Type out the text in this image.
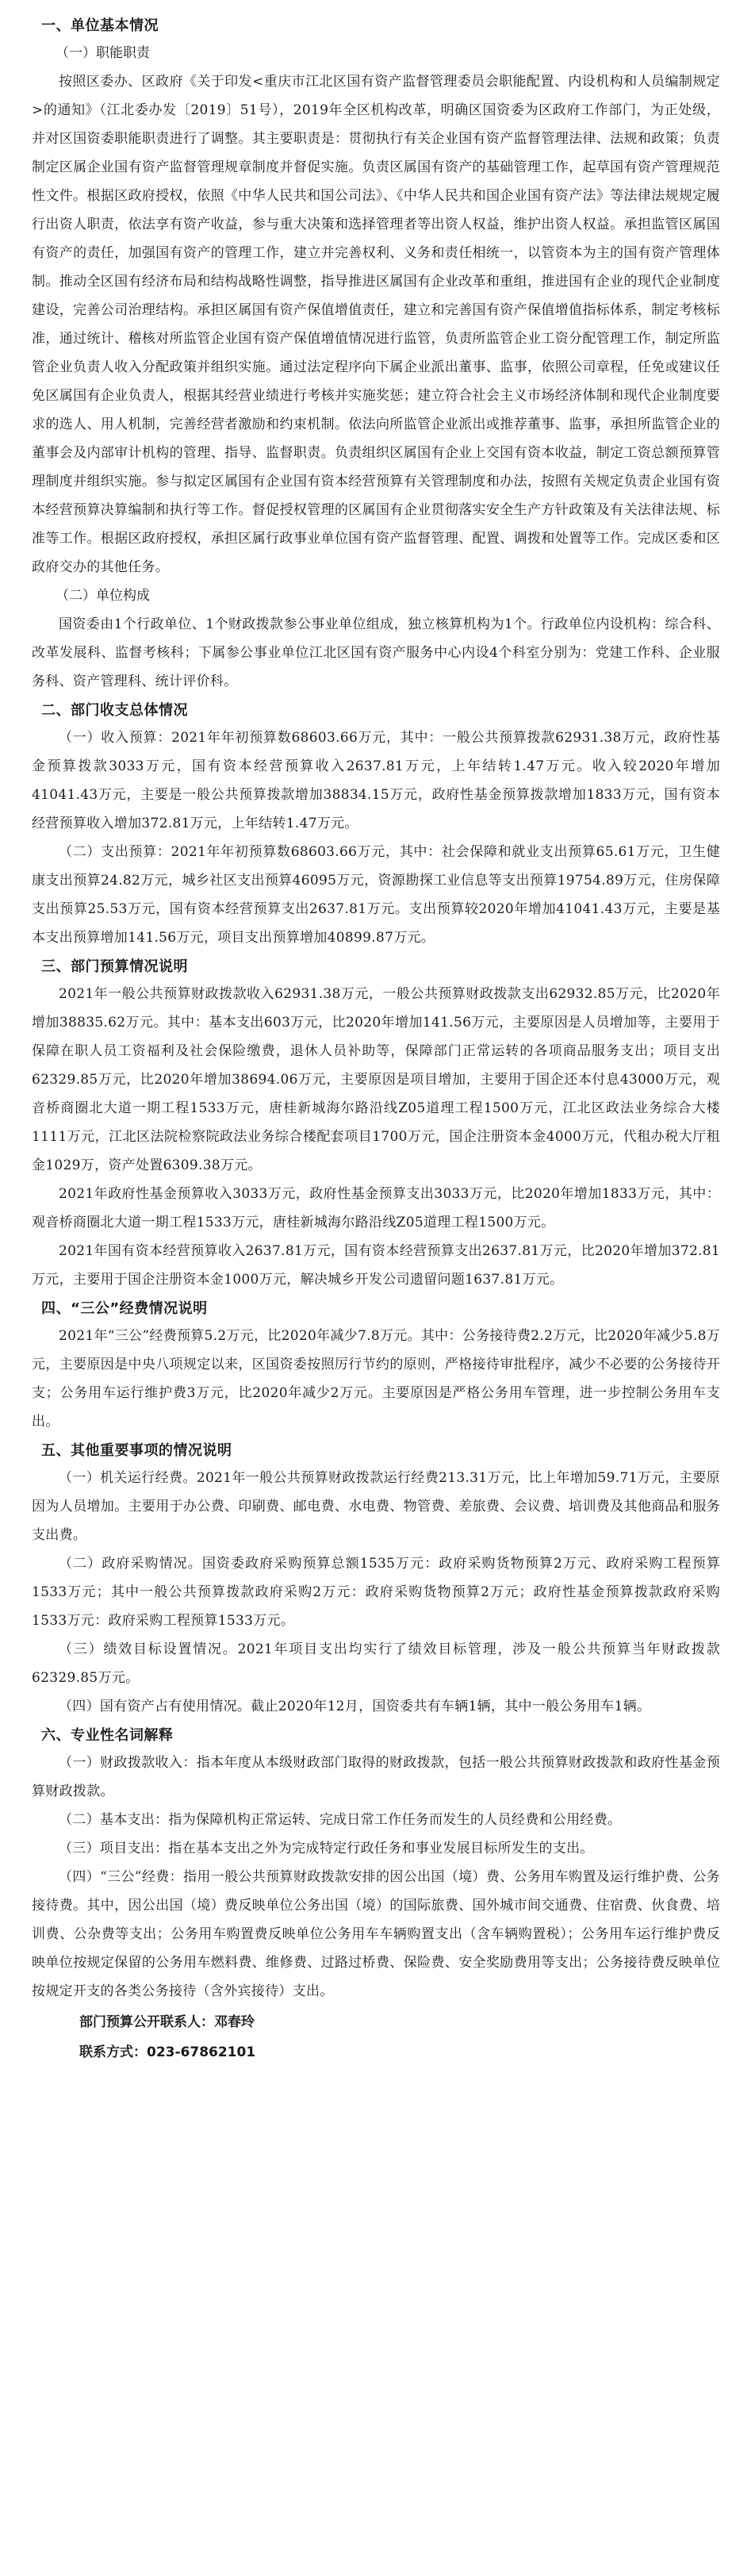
一、单位基本情况
（一）职能职责
按照区委办、区政府《关于印发<重庆市江北区国有资产监督管理委员会职能配置、内设机构和人员编制规定>的通知》（江北委办发〔2019〕51号），2019年全区机构改革，明确区国资委为区政府工作部门，为正处级，并对区国资委职能职责进行了调整。其主要职责是：贯彻执行有关企业国有资产监督管理法律、法规和政策；负责制定区属企业国有资产监督管理规章制度并督促实施。负责区属国有资产的基础管理工作，起草国有资产管理规范性文件。根据区政府授权，依照《中华人民共和国公司法》、《中华人民共和国企业国有资产法》等法律法规规定履行出资人职责，依法享有资产收益，参与重大决策和选择管理者等出资人权益，维护出资人权益。承担监管区属国有资产的责任，加强国有资产的管理工作，建立并完善权利、义务和责任相统一，以管资本为主的国有资产管理体制。推动全区国有经济布局和结构战略性调整，指导推进区属国有企业改革和重组，推进国有企业的现代企业制度建设，完善公司治理结构。承担区属国有资产保值增值责任，建立和完善国有资产保值增值指标体系，制定考核标准，通过统计、稽核对所监管企业国有资产保值增值情况进行监管，负责所监管企业工资分配管理工作，制定所监管企业负责人收入分配政策并组织实施。通过法定程序向下属企业派出董事、监事，依照公司章程，任免或建议任免区属国有企业负责人，根据其经营业绩进行考核并实施奖惩；建立符合社会主义市场经济体制和现代企业制度要求的选人、用人机制，完善经营者激励和约束机制。依法向所监管企业派出或推荐董事、监事，承担所监管企业的董事会及内部审计机构的管理、指导、监督职责。负责组织区属国有企业上交国有资本收益，制定工资总额预算管理制度并组织实施。参与拟定区属国有企业国有资本经营预算有关管理制度和办法，按照有关规定负责企业国有资本经营预算决算编制和执行等工作。督促授权管理的区属国有企业贯彻落实安全生产方针政策及有关法律法规、标准等工作。根据区政府授权，承担区属行政事业单位国有资产监督管理、配置、调拨和处置等工作。完成区委和区政府交办的其他任务。
（二）单位构成
国资委由1个行政单位、1个财政拨款参公事业单位组成，独立核算机构为1个。行政单位内设机构：综合科、改革发展科、监督考核科；下属参公事业单位江北区国有资产服务中心内设4个科室分别为：党建工作科、企业服务科、资产管理科、统计评价科。
二、部门收支总体情况
（一）收入预算：2021年年初预算数68603.66万元，其中：一般公共预算拨款62931.38万元，政府性基金预算拨款3033万元，国有资本经营预算收入2637.81万元，上年结转1.47万元。收入较2020年增加41041.43万元，主要是一般公共预算拨款增加38834.15万元，政府性基金预算拨款增加1833万元，国有资本经营预算收入增加372.81万元，上年结转1.47万元。
（二）支出预算：2021年年初预算数68603.66万元，其中：社会保障和就业支出预算65.61万元，卫生健康支出预算24.82万元，城乡社区支出预算46095万元，资源勘探工业信息等支出预算19754.89万元，住房保障支出预算25.53万元，国有资本经营预算支出2637.81万元。支出预算较2020年增加41041.43万元，主要是基本支出预算增加141.56万元，项目支出预算增加40899.87万元。
三、部门预算情况说明
2021年一般公共预算财政拨款收入62931.38万元，一般公共预算财政拨款支出62932.85万元，比2020年增加38835.62万元。其中：基本支出603万元，比2020年增加141.56万元，主要原因是人员增加等，主要用于保障在职人员工资福利及社会保险缴费，退休人员补助等，保障部门正常运转的各项商品服务支出；项目支出62329.85万元，比2020年增加38694.06万元，主要原因是项目增加，主要用于国企还本付息43000万元，观音桥商圈北大道一期工程1533万元，唐桂新城海尔路沿线Z05道理工程1500万元，江北区政法业务综合大楼1111万元，江北区法院检察院政法业务综合楼配套项目1700万元，国企注册资本金4000万元，代租办税大厅租金1029万，资产处置6309.38万元。
2021年政府性基金预算收入3033万元，政府性基金预算支出3033万元，比2020年增加1833万元，其中：观音桥商圈北大道一期工程1533万元，唐桂新城海尔路沿线Z05道理工程1500万元。
2021年国有资本经营预算收入2637.81万元，国有资本经营预算支出2637.81万元，比2020年增加372.81万元，主要用于国企注册资本金1000万元，解决城乡开发公司遗留问题1637.81万元。
四、“三公”经费情况说明
2021年“三公”经费预算5.2万元，比2020年减少7.8万元。其中：公务接待费2.2万元，比2020年减少5.8万元，主要原因是中央八项规定以来，区国资委按照厉行节约的原则，严格接待审批程序，减少不必要的公务接待开支；公务用车运行维护费3万元，比2020年减少2万元。主要原因是严格公务用车管理，进一步控制公务用车支出。
五、其他重要事项的情况说明
（一）机关运行经费。2021年一般公共预算财政拨款运行经费213.31万元，比上年增加59.71万元，主要原因为人员增加。主要用于办公费、印刷费、邮电费、水电费、物管费、差旅费、会议费、培训费及其他商品和服务支出费。
（二）政府采购情况。国资委政府采购预算总额1535万元：政府采购货物预算2万元、政府采购工程预算1533万元；其中一般公共预算拨款政府采购2万元：政府采购货物预算2万元；政府性基金预算拨款政府采购1533万元：政府采购工程预算1533万元。
（三）绩效目标设置情况。2021年项目支出均实行了绩效目标管理，涉及一般公共预算当年财政拨款62329.85万元。
（四）国有资产占有使用情况。截止2020年12月，国资委共有车辆1辆，其中一般公务用车1辆。
六、专业性名词解释
（一）财政拨款收入：指本年度从本级财政部门取得的财政拨款，包括一般公共预算财政拨款和政府性基金预算财政拨款。
（二）基本支出：指为保障机构正常运转、完成日常工作任务而发生的人员经费和公用经费。
（三）项目支出：指在基本支出之外为完成特定行政任务和事业发展目标所发生的支出。
（四）“三公”经费：指用一般公共预算财政拨款安排的因公出国（境）费、公务用车购置及运行维护费、公务接待费。其中，因公出国（境）费反映单位公务出国（境）的国际旅费、国外城市间交通费、住宿费、伙食费、培训费、公杂费等支出；公务用车购置费反映单位公务用车车辆购置支出（含车辆购置税）；公务用车运行维护费反映单位按规定保留的公务用车燃料费、维修费、过路过桥费、保险费、安全奖励费用等支出；公务接待费反映单位按规定开支的各类公务接待（含外宾接待）支出。
部门预算公开联系人：邓春玲
联系方式：023-67862101
